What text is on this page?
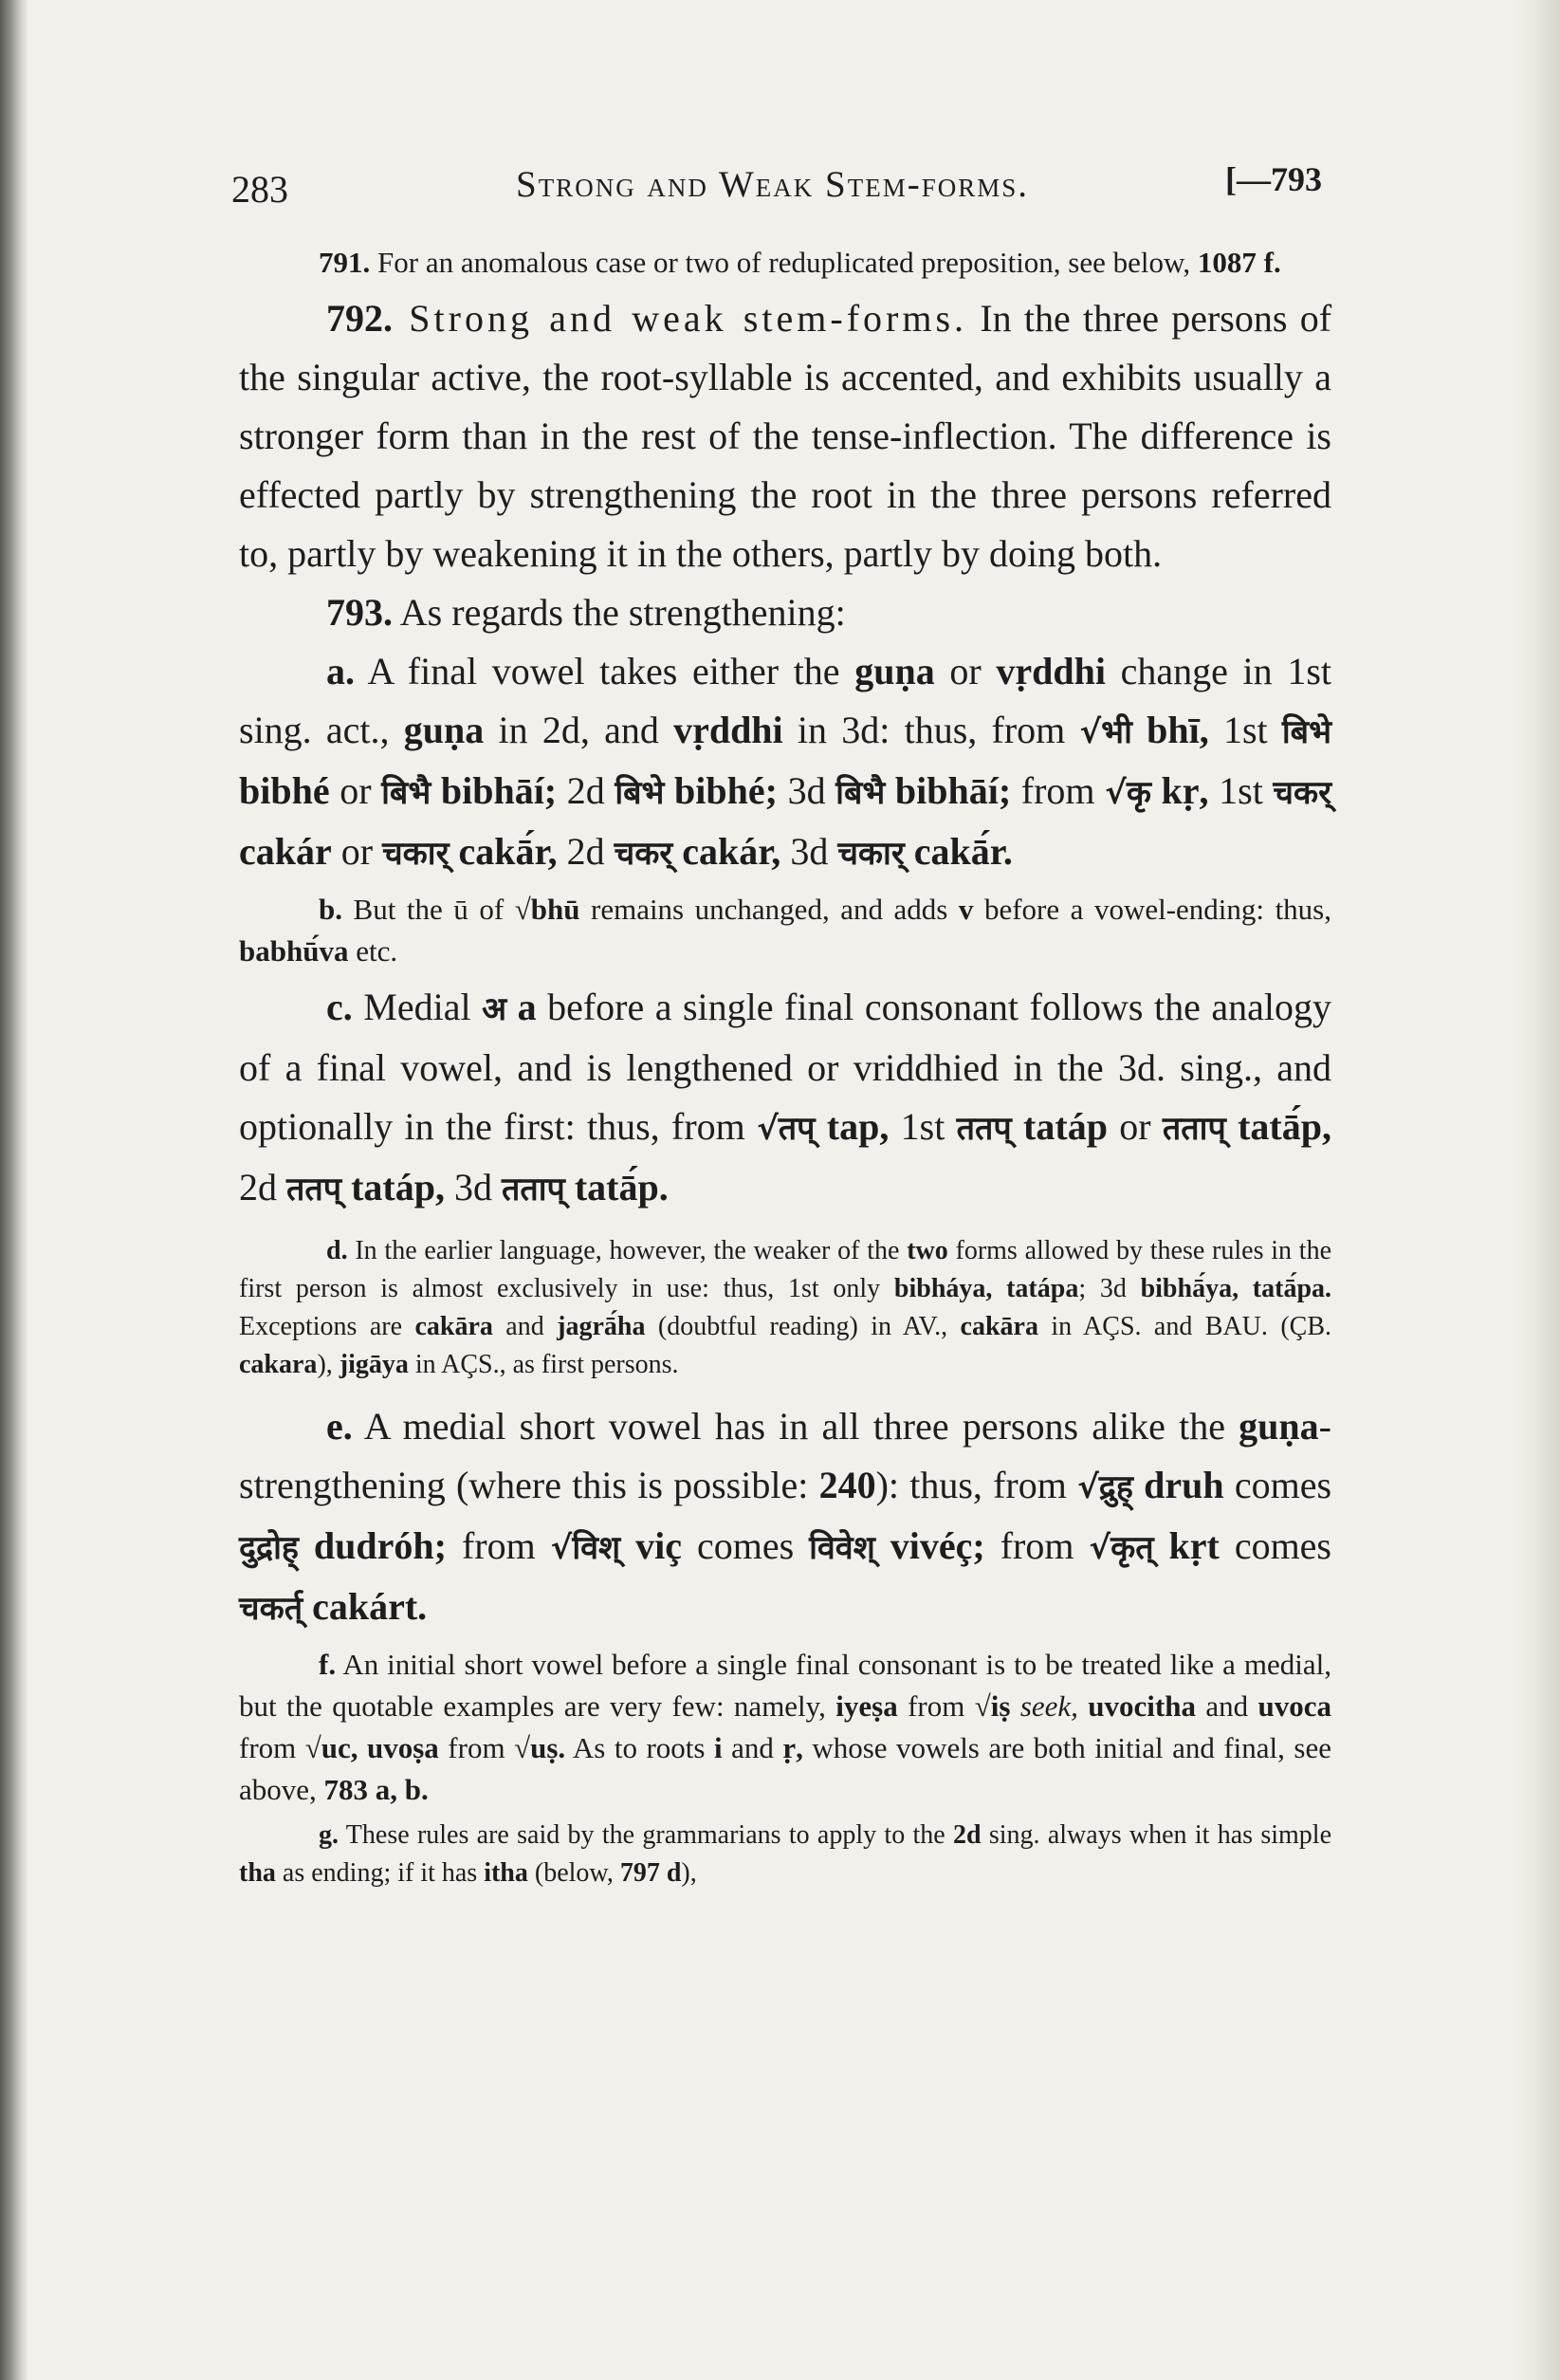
283	Strong and Weak Stem-forms.	[—793

791. For an anomalous case or two of reduplicated preposition, see below, 1087 f.

792. Strong and weak stem-forms. In the three persons of the singular active, the root-syllable is accented, and exhibits usually a stronger form than in the rest of the tense-inflection. The difference is effected partly by strengthening the root in the three persons referred to, partly by weakening it in the others, partly by doing both.

793. As regards the strengthening:

a. A final vowel takes either the guṇa or vṛddhi change in 1st sing. act., guṇa in 2d, and vṛddhi in 3d: thus, from √भी bhī, 1st बिभे bibhé or बिभै bibhāí; 2d बिभे bibhé; 3d बिभै bibhāí; from √कृ kṛ, 1st चकर् cakár or चकार् cakā́r, 2d चकर् cakár, 3d चकार् cakā́r.

b. But the ū of √bhū remains unchanged, and adds v before a vowel-ending: thus, babhū́va etc.

c. Medial अ a before a single final consonant follows the analogy of a final vowel, and is lengthened or vriddhied in the 3d. sing., and optionally in the first: thus, from √तप् tap, 1st ततप् tatáp or तताप् tatā́p, 2d ततप् tatáp, 3d तताप् tatā́p.

d. In the earlier language, however, the weaker of the two forms allowed by these rules in the first person is almost exclusively in use: thus, 1st only bibháya, tatápa; 3d bibhā́ya, tatā́pa. Exceptions are cakāra and jagrā́ha (doubtful reading) in AV., cakāra in AÇS. and BAU. (ÇB. cakara), jigāya in AÇS., as first persons.

e. A medial short vowel has in all three persons alike the guṇa-strengthening (where this is possible: 240): thus, from √द्रुह् druh comes दुद्रोह् dudróh; from √विश् viç comes विवेश् vivéç; from √कृत् kṛt comes चकर्त् cakárt.

f. An initial short vowel before a single final consonant is to be treated like a medial, but the quotable examples are very few: namely, iyeṣa from √iṣ seek, uvocitha and uvoca from √uc, uvoṣa from √uṣ. As to roots i and ṛ, whose vowels are both initial and final, see above, 783 a, b.

g. These rules are said by the grammarians to apply to the 2d sing. always when it has simple tha as ending; if it has itha (below, 797 d),
